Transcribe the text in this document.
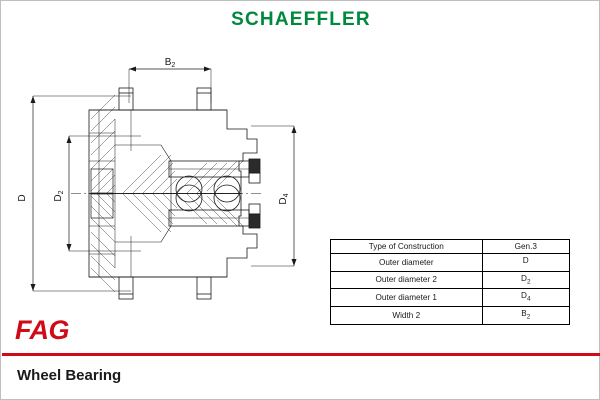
SCHAEFFLER
D	$D_2$
$D_4$
$B_2$
Type of Construction	Gen.3
Outer diameter	D
Outer diameter 2	$D_2$
Outer diameter 1	$D_4$
Width 2	$B_2$
FAG
Wheel Bearing
